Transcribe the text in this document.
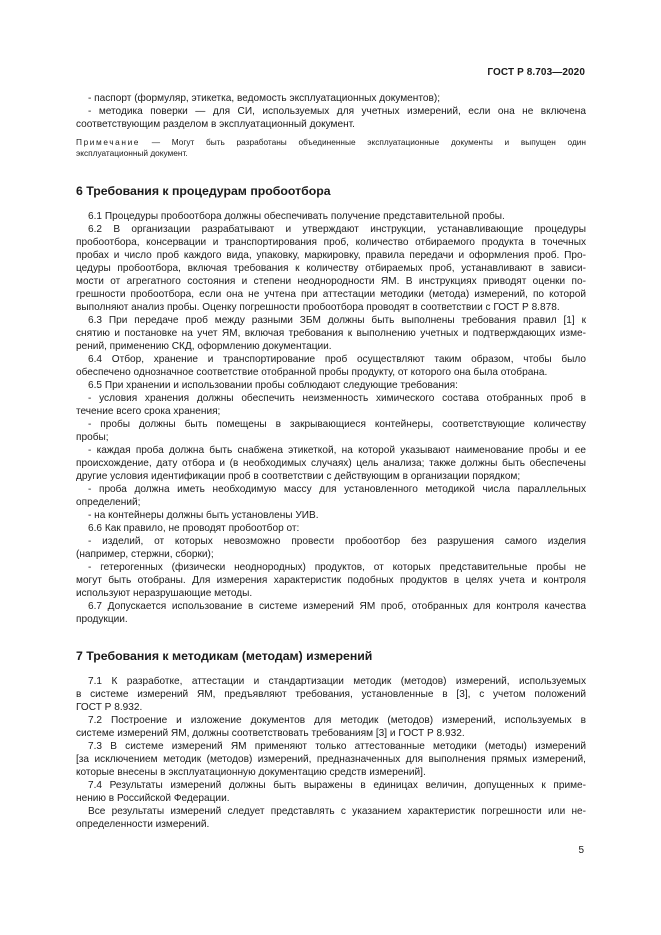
ГОСТ Р 8.703—2020
- паспорт (формуляр, этикетка, ведомость эксплуатационных документов);
- методика поверки — для СИ, используемых для учетных измерений, если она не включена
соответствующим разделом в эксплуатационный документ.
Примечание — Могут быть разработаны объединенные эксплуатационные документы и выпущен один
эксплуатационный документ.
6 Требования к процедурам пробоотбора
6.1 Процедуры пробоотбора должны обеспечивать получение представительной пробы.
6.2 В организации разрабатывают и утверждают инструкции, устанавливающие процедуры
пробоотбора, консервации и транспортирования проб, количество отбираемого продукта в точечных
пробах и число проб каждого вида, упаковку, маркировку, правила передачи и оформления проб. Про-
цедуры пробоотбора, включая требования к количеству отбираемых проб, устанавливают в зависи-
мости от агрегатного состояния и степени неоднородности ЯМ. В инструкциях приводят оценки по-
грешности пробоотбора, если она не учтена при аттестации методики (метода) измерений, по которой
выполняют анализ пробы. Оценку погрешности пробоотбора проводят в соответствии с ГОСТ Р 8.878.
6.3 При передаче проб между разными ЗБМ должны быть выполнены требования правил [1] к
снятию и постановке на учет ЯМ, включая требования к выполнению учетных и подтверждающих изме-
рений, применению СКД, оформлению документации.
6.4 Отбор, хранение и транспортирование проб осуществляют таким образом, чтобы было
обеспечено однозначное соответствие отобранной пробы продукту, от которого она была отобрана.
6.5 При хранении и использовании пробы соблюдают следующие требования:
- условия хранения должны обеспечить неизменность химического состава отобранных проб в
течение всего срока хранения;
- пробы должны быть помещены в закрывающиеся контейнеры, соответствующие количеству
пробы;
- каждая проба должна быть снабжена этикеткой, на которой указывают наименование пробы и ее
происхождение, дату отбора и (в необходимых случаях) цель анализа; также должны быть обеспечены
другие условия идентификации проб в соответствии с действующим в организации порядком;
- проба должна иметь необходимую массу для установленного методикой числа параллельных
определений;
- на контейнеры должны быть установлены УИВ.
6.6 Как правило, не проводят пробоотбор от:
- изделий, от которых невозможно провести пробоотбор без разрушения самого изделия
(например, стержни, сборки);
- гетерогенных (физически неоднородных) продуктов, от которых представительные пробы не
могут быть отобраны. Для измерения характеристик подобных продуктов в целях учета и контроля
используют неразрушающие методы.
6.7 Допускается использование в системе измерений ЯМ проб, отобранных для контроля качества
продукции.
7 Требования к методикам (методам) измерений
7.1 К разработке, аттестации и стандартизации методик (методов) измерений, используемых
в системе измерений ЯМ, предъявляют требования, установленные в [3], с учетом положений
ГОСТ Р 8.932.
7.2 Построение и изложение документов для методик (методов) измерений, используемых в
системе измерений ЯМ, должны соответствовать требованиям [3] и ГОСТ Р 8.932.
7.3 В системе измерений ЯМ применяют только аттестованные методики (методы) измерений
[за исключением методик (методов) измерений, предназначенных для выполнения прямых измерений,
которые внесены в эксплуатационную документацию средств измерений].
7.4 Результаты измерений должны быть выражены в единицах величин, допущенных к приме-
нению в Российской Федерации.
Все результаты измерений следует представлять с указанием характеристик погрешности или не-
определенности измерений.
5
